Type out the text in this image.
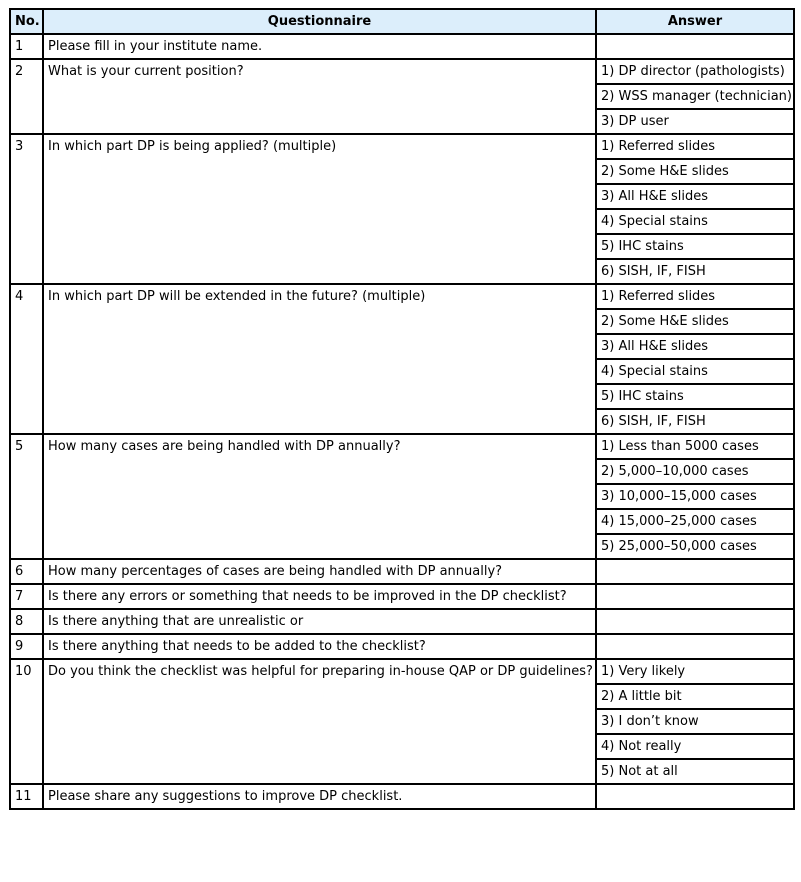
No.	Questionnaire	Answer
1	Please fill in your institute name.	
2	What is your current position?	1) DP director (pathologists)
		2) WSS manager (technician)
		3) DP user
3	In which part DP is being applied? (multiple)	1) Referred slides
		2) Some H&E slides
		3) All H&E slides
		4) Special stains
		5) IHC stains
		6) SISH, IF, FISH
4	In which part DP will be extended in the future? (multiple)	1) Referred slides
		2) Some H&E slides
		3) All H&E slides
		4) Special stains
		5) IHC stains
		6) SISH, IF, FISH
5	How many cases are being handled with DP annually?	1) Less than 5000 cases
		2) 5,000–10,000 cases
		3) 10,000–15,000 cases
		4) 15,000–25,000 cases
		5) 25,000–50,000 cases
6	How many percentages of cases are being handled with DP annually?	
7	Is there any errors or something that needs to be improved in the DP checklist?	
8	Is there anything that are unrealistic or	
9	Is there anything that needs to be added to the checklist?	
10	Do you think the checklist was helpful for preparing in-house QAP or DP guidelines?	1) Very likely
		2) A little bit
		3) I don’t know
		4) Not really
		5) Not at all
11	Please share any suggestions to improve DP checklist.	
